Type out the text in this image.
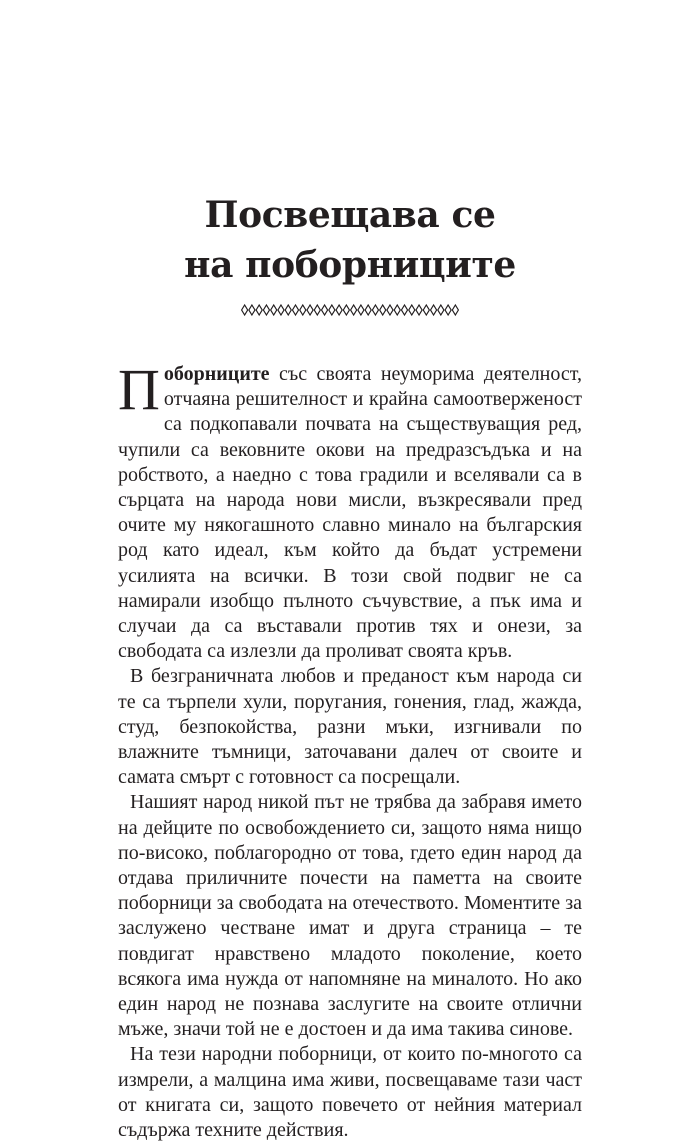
Посвещава се
на поборниците

Поборниците със своята неуморима деятелност, отчаяна решителност и крайна самоотверженост са подкопавали почвата на съществуващия ред, чупили са вековните окови на предразсъдъка и на робството, а наедно с това градили и вселявали са в сърцата на народа нови мисли, възкресявали пред очите му някогашното славно минало на българския род като идеал, към който да бъдат устремени усилията на всички. В този свой подвиг не са намирали изобщо пълното съчувствие, а пък има и случаи да са въставали против тях и онези, за свободата са излезли да проливат своята кръв.

В безграничната любов и преданост към народа си те са търпели хули, поругания, гонения, глад, жажда, студ, безпокойства, разни мъки, изгнивали по влажните тъмници, заточавани далеч от своите и самата смърт с готовност са посрещали.

Нашият народ никой път не трябва да забравя името на дейците по освобождението си, защото няма нищо по-високо, поблагородно от това, гдето един народ да отдава приличните почести на паметта на своите поборници за свободата на отечеството. Моментите за заслужено честване имат и друга страница – те повдигат нравствено младото поколение, което всякога има нужда от напомняне на миналото. Но ако един народ не познава заслугите на своите отлични мъже, значи той не е достоен и да има такива синове.

На тези народни поборници, от които по-многото са измрели, а малцина има живи, посвещаваме тази част от книгата си, защото повечето от нейния материал съдържа техните действия.
